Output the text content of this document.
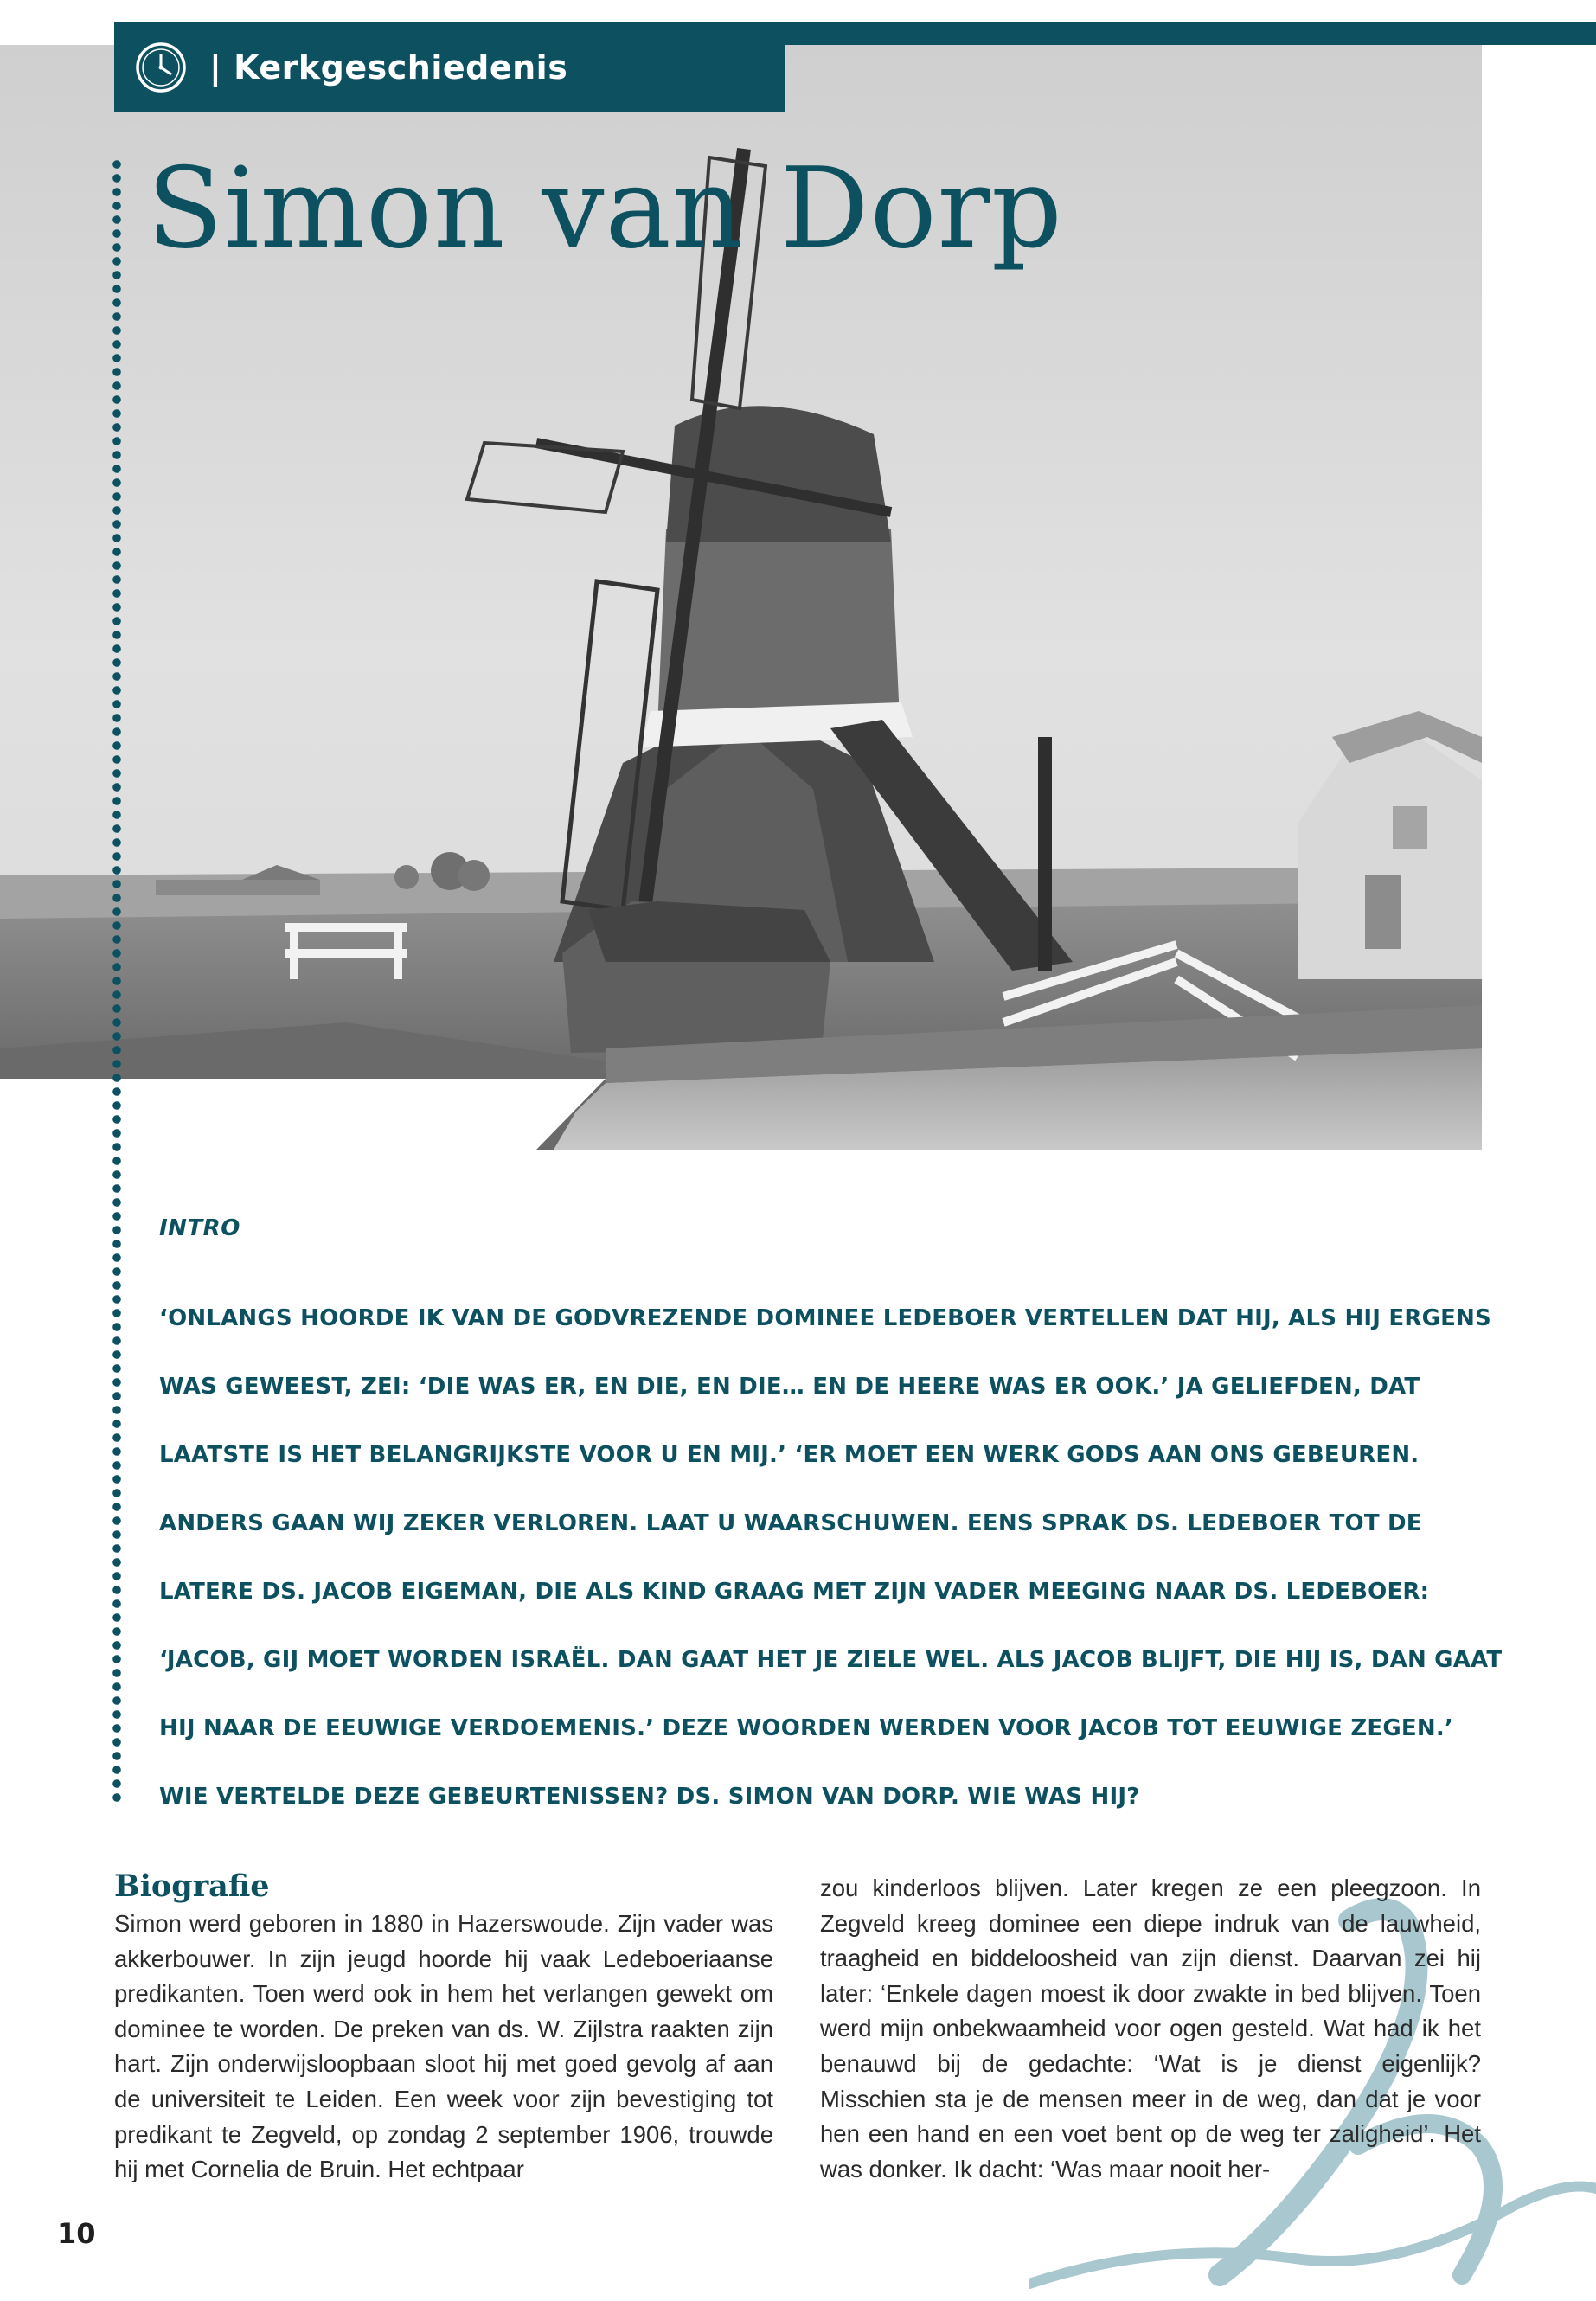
| Kerkgeschiedenis
Simon van Dorp

INTRO

‘ONLANGS HOORDE IK VAN DE GODVREZENDE DOMINEE LEDEBOER VERTELLEN DAT HIJ, ALS HIJ ERGENS WAS GEWEEST, ZEI: ‘DIE WAS ER, EN DIE, EN DIE… EN DE HEERE WAS ER OOK.’ JA GELIEFDEN, DAT LAATSTE IS HET BELANGRIJKSTE VOOR U EN MIJ.’ ‘ER MOET EEN WERK GODS AAN ONS GEBEUREN. ANDERS GAAN WIJ ZEKER VERLOREN. LAAT U WAARSCHUWEN. EENS SPRAK DS. LEDEBOER TOT DE LATERE DS. JACOB EIGEMAN, DIE ALS KIND GRAAG MET ZIJN VADER MEEGING NAAR DS. LEDEBOER: ‘JACOB, GIJ MOET WORDEN ISRAËL. DAN GAAT HET JE ZIELE WEL. ALS JACOB BLIJFT, DIE HIJ IS, DAN GAAT HIJ NAAR DE EEUWIGE VERDOEMENIS.’ DEZE WOORDEN WERDEN VOOR JACOB TOT EEUWIGE ZEGEN.’ WIE VERTELDE DEZE GEBEURTENISSEN? DS. SIMON VAN DORP. WIE WAS HIJ?

Biografie

Simon werd geboren in 1880 in Hazerswoude. Zijn vader was akkerbouwer. In zijn jeugd hoorde hij vaak Ledeboeriaanse predikanten. Toen werd ook in hem het verlangen gewekt om dominee te worden. De preken van ds. W. Zijlstra raakten zijn hart. Zijn onderwijsloopbaan sloot hij met goed gevolg af aan de universiteit te Leiden. Een week voor zijn bevestiging tot predikant te Zegveld, op zondag 2 september 1906, trouwde hij met Cornelia de Bruin. Het echtpaar

zou kinderloos blijven. Later kregen ze een pleegzoon. In Zegveld kreeg dominee een diepe indruk van de lauwheid, traagheid en biddeloosheid van zijn dienst. Daarvan zei hij later: ‘Enkele dagen moest ik door zwakte in bed blijven. Toen werd mijn onbekwaamheid voor ogen gesteld. Wat had ik het benauwd bij de gedachte: ‘Wat is je dienst eigenlijk? Misschien sta je de mensen meer in de weg, dan dat je voor hen een hand en een voet bent op de weg ter zaligheid’. Het was donker. Ik dacht: ‘Was maar nooit her-

10
